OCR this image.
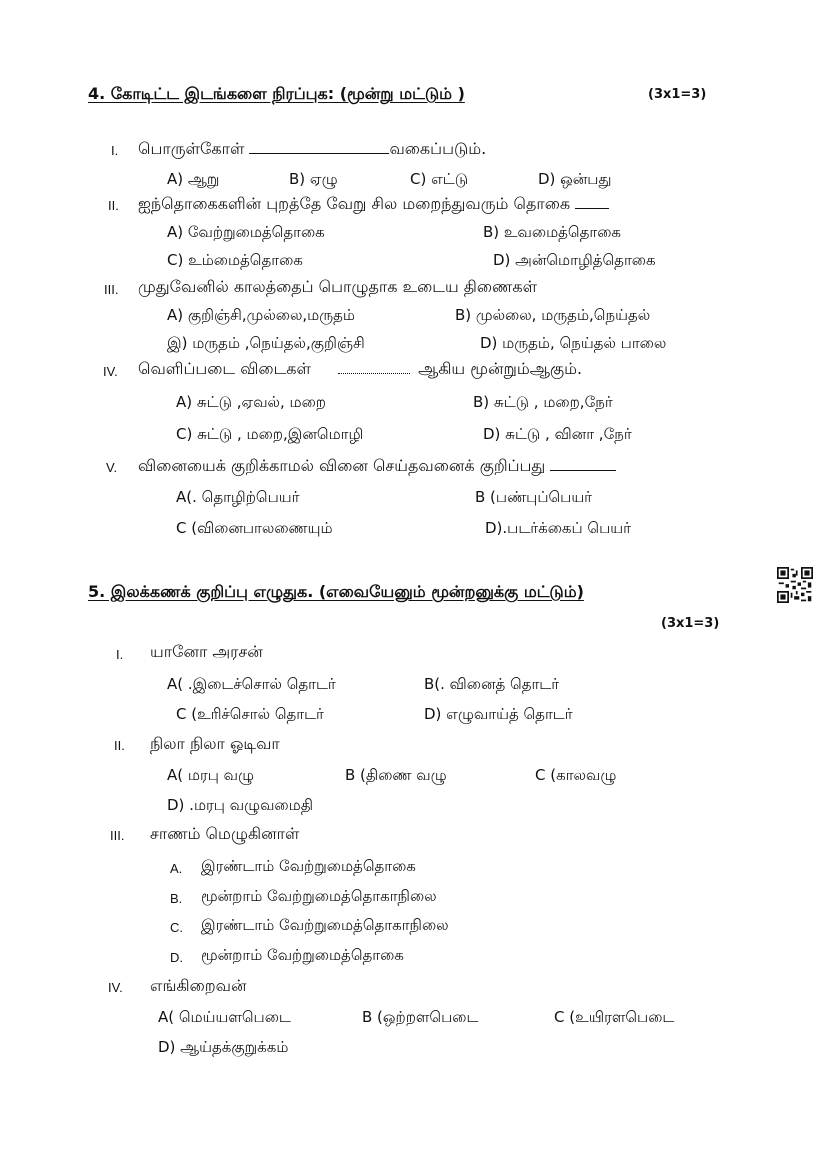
4. கோடிட்ட இடங்களை நிரப்புக: (மூன்று மட்டும் )	(3x1=3)
I. பொருள்கோள்	வகைப்படும்.
A) ஆறு	B) ஏழு	C) எட்டு	D) ஒன்பது
II. ஐந்தொகைகளின் புறத்தே வேறு சில மறைந்துவரும் தொகை
A) வேற்றுமைத்தொகை	B) உவமைத்தொகை
C) உம்மைத்தொகை	D) அன்மொழித்தொகை
III. முதுவேனில் காலத்தைப் பொழுதாக உடைய திணைகள்
A) குறிஞ்சி,முல்லை,மருதம்	B) முல்லை, மருதம்,நெய்தல்
இ) மருதம் ,நெய்தல்,குறிஞ்சி	D) மருதம், நெய்தல் பாலை
IV. வெளிப்படை விடைகள்	ஆகிய மூன்றும்ஆகும்.
A) சுட்டு ,ஏவல், மறை	B) சுட்டு , மறை,நேர்
C) சுட்டு , மறை,இனமொழி	D) சுட்டு , வினா ,நேர்
V. வினையைக் குறிக்காமல் வினை செய்தவனைக் குறிப்பது
A(. தொழிற்பெயர்	B (பண்புப்பெயர்
C (வினைபாலணையும்	D).படர்க்கைப் பெயர்
5. இலக்கணக் குறிப்பு எழுதுக. (எவையேனும் மூன்றனுக்கு மட்டும்)
(3x1=3)
I. யானோ அரசன்
A( .இடைச்சொல் தொடர்	B(. வினைத் தொடர்
C (உரிச்சொல் தொடர்	D) எழுவாய்த் தொடர்
II. நிலா நிலா ஓடிவா
A( மரபு வழு	B (திணை வழு	C (காலவழு
D) .மரபு வழுவமைதி
III. சாணம் மெழுகினாள்
A. இரண்டாம் வேற்றுமைத்தொகை
B. மூன்றாம் வேற்றுமைத்தொகாநிலை
C. இரண்டாம் வேற்றுமைத்தொகாநிலை
D. மூன்றாம் வேற்றுமைத்தொகை
IV. எங்கிறைவன்
A( மெய்யளபெடை	B (ஒற்றளபெடை	C (உயிரளபெடை
D) ஆய்தக்குறுக்கம்
